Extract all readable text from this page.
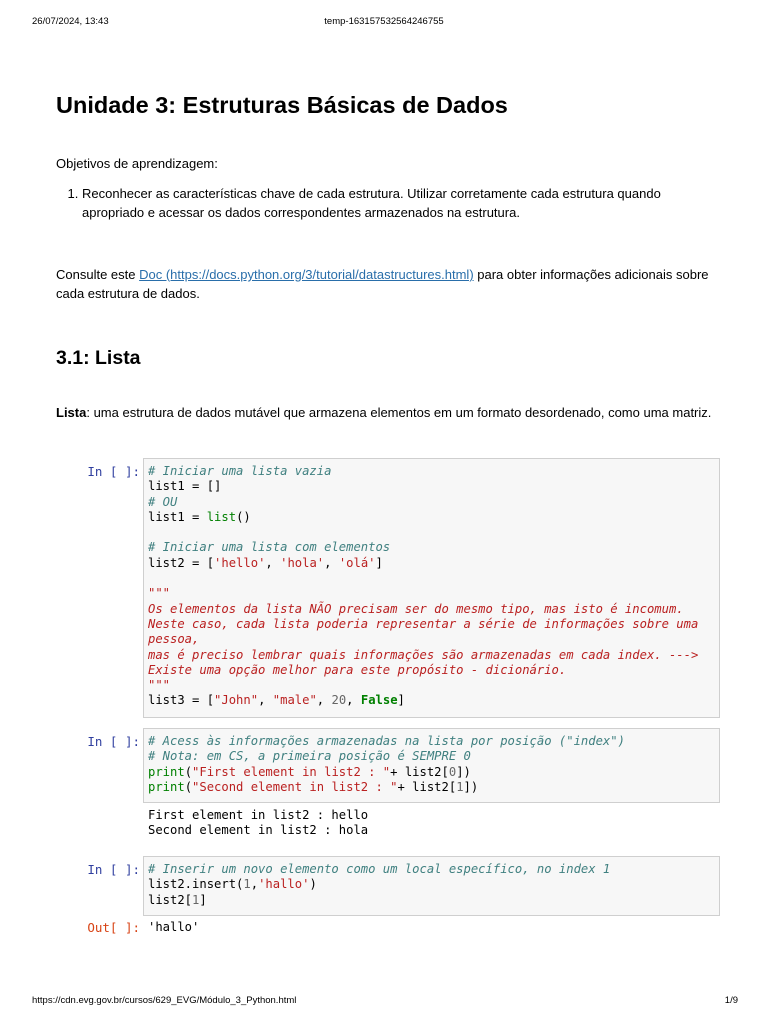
26/07/2024, 13:43	temp-163157532564246755
Unidade 3: Estruturas Básicas de Dados

Objetivos de aprendizagem:

1. Reconhecer as características chave de cada estrutura. Utilizar corretamente cada estrutura quando apropriado e acessar os dados correspondentes armazenados na estrutura.

Consulte este Doc (https://docs.python.org/3/tutorial/datastructures.html) para obter informações adicionais sobre cada estrutura de dados.

3.1: Lista

Lista: uma estrutura de dados mutável que armazena elementos em um formato desordenado, como uma matriz.

In [ ]: # Iniciar uma lista vazia
list1 = []
# OU
list1 = list()
# Iniciar uma lista com elementos
list2 = ['hello', 'hola', 'olá']
"""
Os elementos da lista NÃO precisam ser do mesmo tipo, mas isto é incomum.
Neste caso, cada lista poderia representar a série de informações sobre uma
pessoa,
mas é preciso lembrar quais informações são armazenadas em cada index. --->
Existe uma opção melhor para este propósito - dicionário.
"""
list3 = ["John", "male", 20, False]
In [ ]: # Acess às informações armazenadas na lista por posição ("index")
# Nota: em CS, a primeira posição é SEMPRE 0
print("First element in list2 : "+ list2[0])
print("Second element in list2 : "+ list2[1])
First element in list2 : hello
Second element in list2 : hola
In [ ]: # Inserir um novo elemento como um local específico, no index 1
list2.insert(1,'hallo')
list2[1]
Out[ ]: 'hallo'
https://cdn.evg.gov.br/cursos/629_EVG/Módulo_3_Python.html	1/9
